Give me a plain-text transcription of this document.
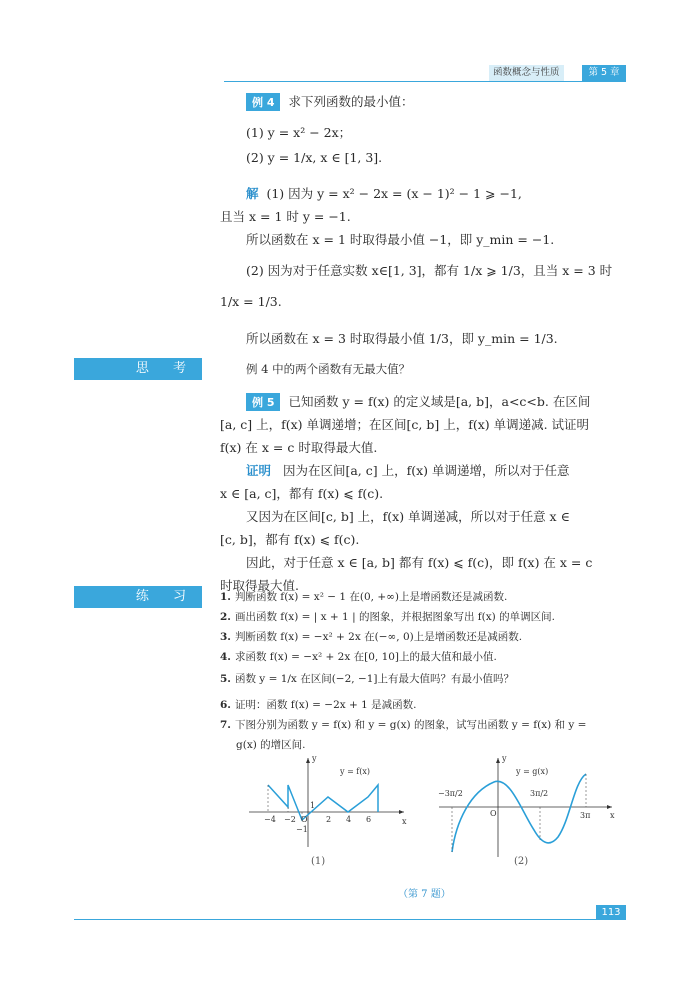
函数概念与性质	第 5 章
例 4 求下列函数的最小值：
(1) y = x² − 2x；
(2) y = 1/x, x ∈ [1, 3].
解 (1) 因为 y = x² − 2x = (x − 1)² − 1 ⩾ −1,
且当 x = 1 时 y = −1.
所以函数在 x = 1 时取得最小值 −1，即 y_min = −1.
(2) 因为对于任意实数 x∈[1, 3]，都有 1/x ⩾ 1/3，且当 x = 3 时
1/x = 1/3.
所以函数在 x = 3 时取得最小值 1/3，即 y_min = 1/3.
思 考	例 4 中的两个函数有无最大值？
例 5 已知函数 y = f(x) 的定义域是[a, b]，a<c<b. 在区间
[a, c] 上，f(x) 单调递增；在区间[c, b] 上，f(x) 单调递减. 试证明
f(x) 在 x = c 时取得最大值.
证明 因为在区间[a, c] 上，f(x) 单调递增，所以对于任意
x ∈ [a, c]，都有 f(x) ⩽ f(c).
又因为在区间[c, b] 上，f(x) 单调递减，所以对于任意 x ∈
[c, b]，都有 f(x) ⩽ f(c).
因此，对于任意 x ∈ [a, b] 都有 f(x) ⩽ f(c)，即 f(x) 在 x = c
时取得最大值.
练 习	1. 判断函数 f(x) = x² − 1 在(0, +∞)上是增函数还是减函数.
2. 画出函数 f(x) = | x + 1 | 的图象，并根据图象写出 f(x) 的单调区间.
3. 判断函数 f(x) = −x² + 2x 在(−∞, 0)上是增函数还是减函数.
4. 求函数 f(x) = −x² + 2x 在[0, 10]上的最大值和最小值.
5. 函数 y = 1/x 在区间(−2, −1]上有最大值吗？有最小值吗？
6. 证明：函数 f(x) = −2x + 1 是减函数.
7. 下图分别为函数 y = f(x) 和 y = g(x) 的图象，试写出函数 y = f(x) 和 y =
g(x) 的增区间.
y
x
O
y = f(x)
−4 −2	2 4 6
1
−1
(1)
y
x
O
y = g(x)
−3π/2	3π/2
3π
(2)
（第 7 题）
113
